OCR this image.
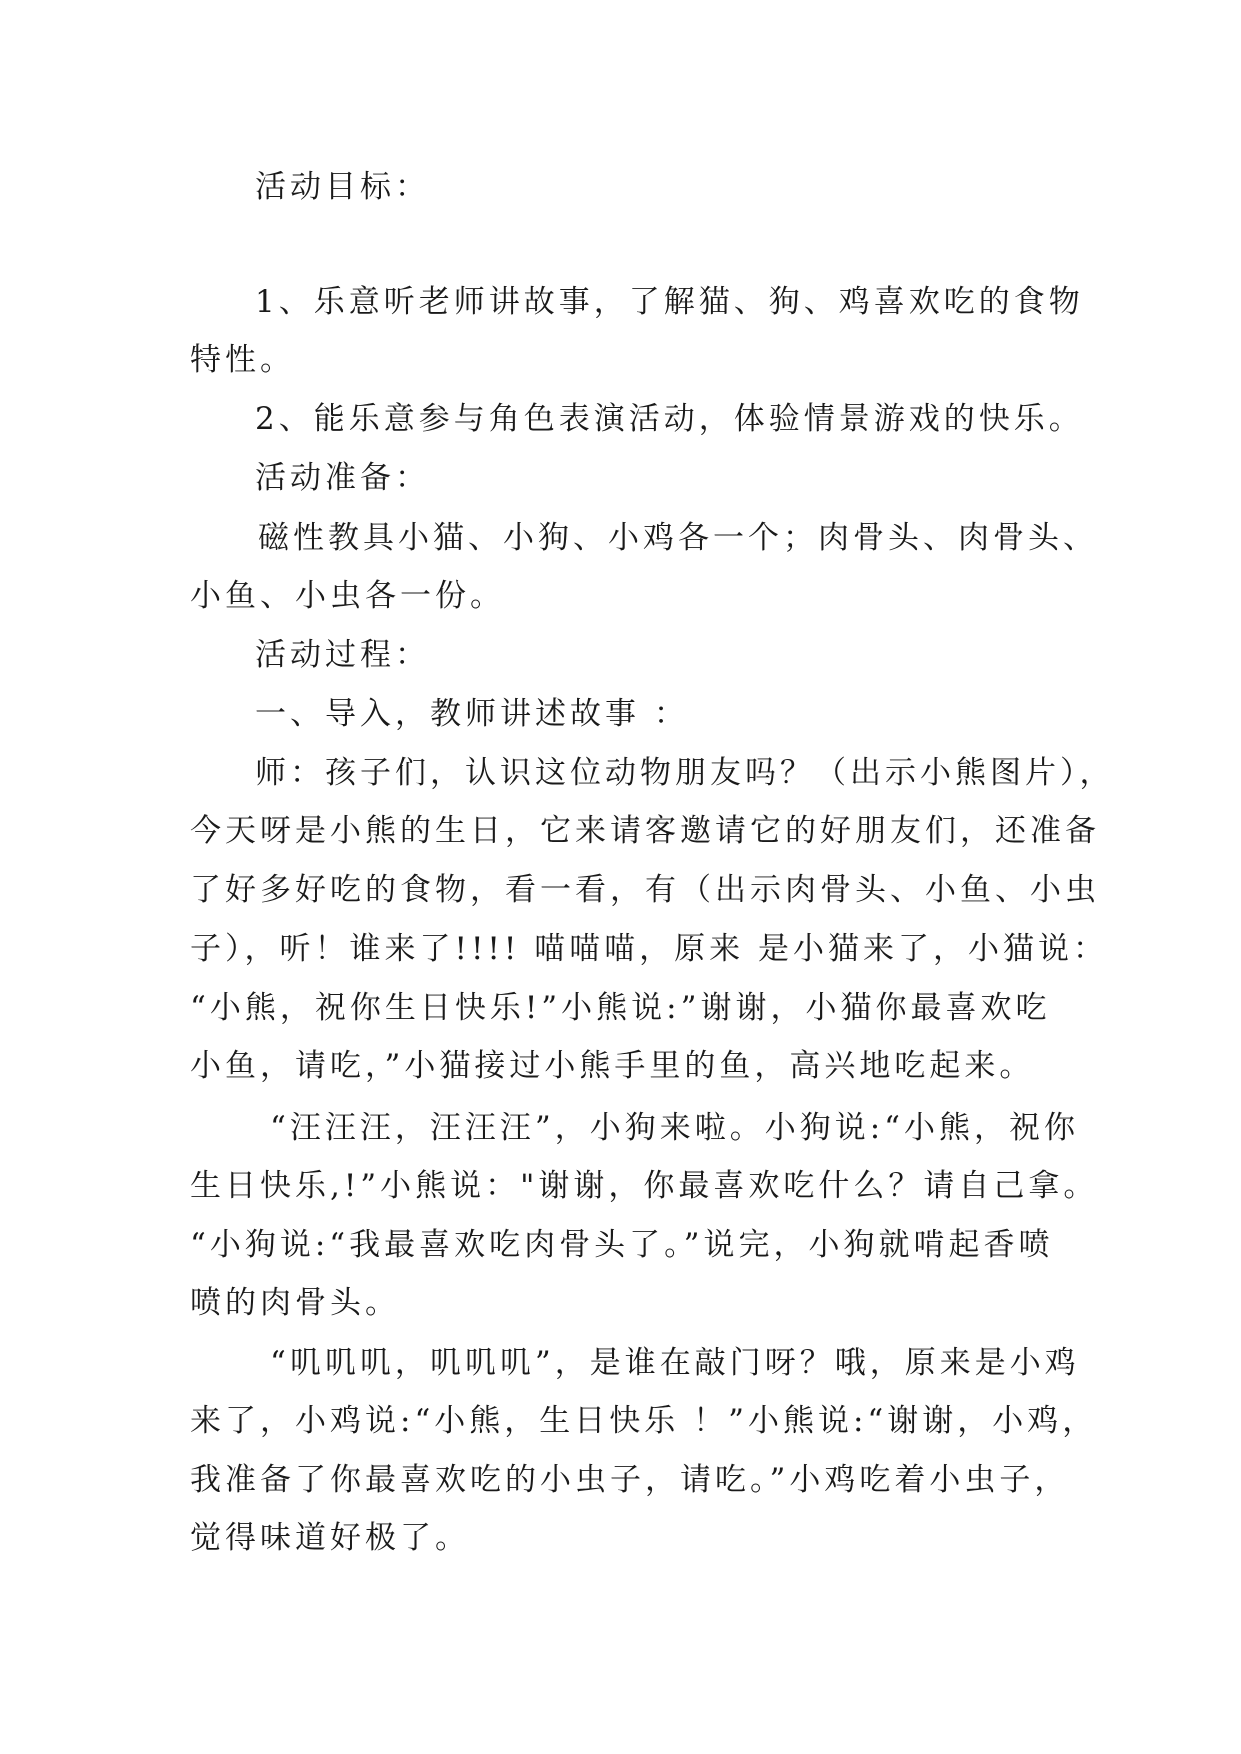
活动目标：
1、乐意听老师讲故事，了解猫、狗、鸡喜欢吃的食物
特性。
2、能乐意参与角色表演活动，体验情景游戏的快乐。
活动准备：
磁性教具小猫、小狗、小鸡各一个；肉骨头、肉骨头、
小鱼、小虫各一份。
活动过程：
一、导入，教师讲述故事 ：
师：孩子们，认识这位动物朋友吗？（出示小熊图片），
今天呀是小熊的生日，它来请客邀请它的好朋友们，还准备
了好多好吃的食物，看一看，有（出示肉骨头、小鱼、小虫
子），听！谁来了!!!! 喵喵喵，原来 是小猫来了，小猫说：
“小熊，祝你生日快乐!”小熊说:”谢谢，小猫你最喜欢吃
小鱼，请吃，”小猫接过小熊手里的鱼，高兴地吃起来。
“汪汪汪，汪汪汪”，小狗来啦。小狗说:“小熊，祝你
生日快乐,!”小熊说："谢谢，你最喜欢吃什么？请自己拿。
“小狗说:“我最喜欢吃肉骨头了。”说完，小狗就啃起香喷
喷的肉骨头。
“叽叽叽，叽叽叽”，是谁在敲门呀？哦，原来是小鸡
来了，小鸡说:“小熊，生日快乐 ！”小熊说:“谢谢，小鸡，
我准备了你最喜欢吃的小虫子，请吃。”小鸡吃着小虫子，
觉得味道好极了。
